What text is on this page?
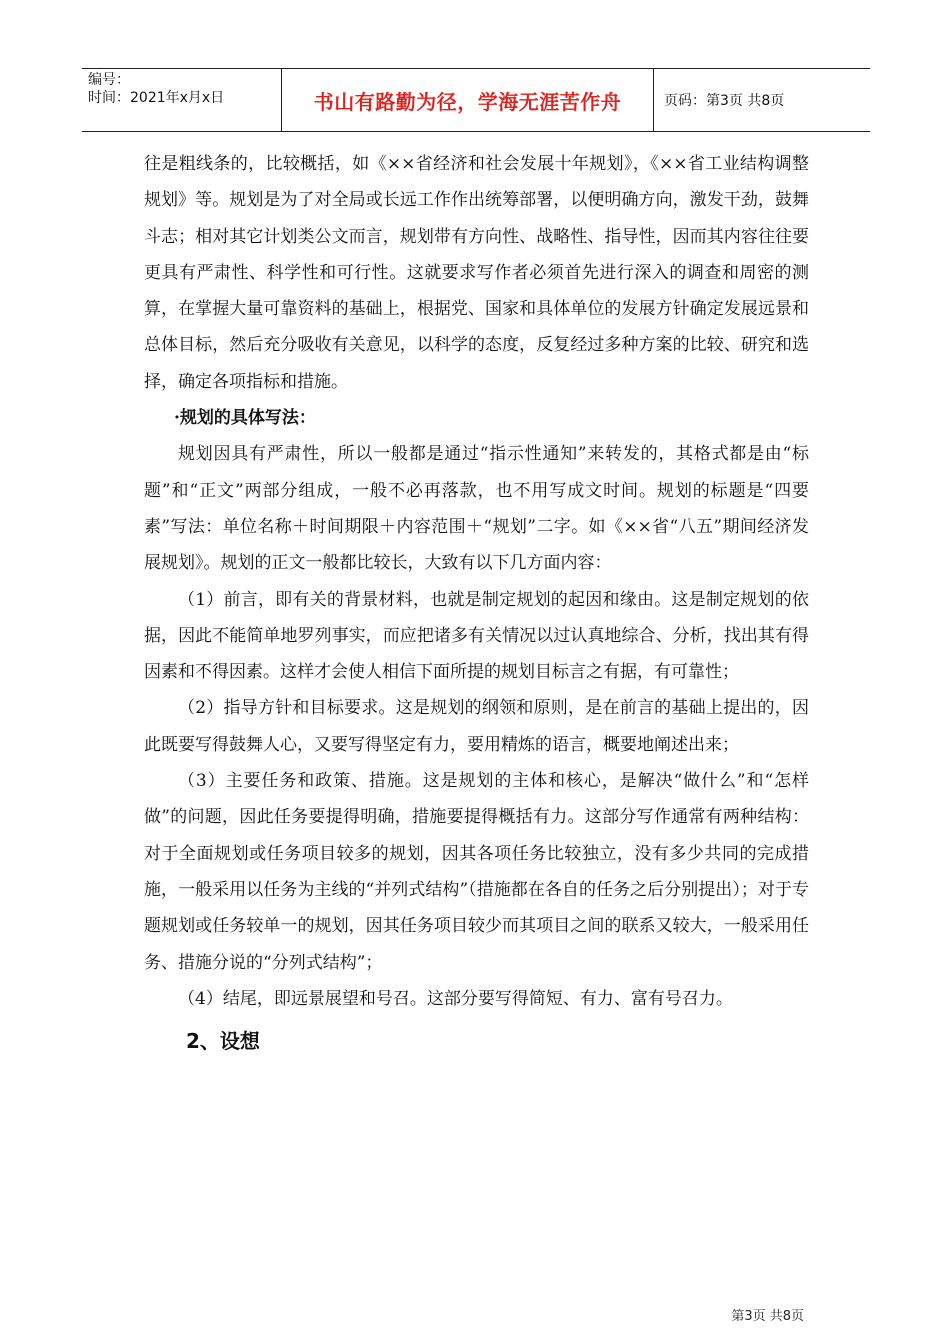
编号：
时间：2021年x月x日	书山有路勤为径，学海无涯苦作舟	页码：第3页 共8页

往是粗线条的，比较概括，如《××省经济和社会发展十年规划》，《××省工业结构调整规划》等。规划是为了对全局或长远工作作出统筹部署，以便明确方向，激发干劲，鼓舞斗志；相对其它计划类公文而言，规划带有方向性、战略性、指导性，因而其内容往往要更具有严肃性、科学性和可行性。这就要求写作者必须首先进行深入的调查和周密的测算，在掌握大量可靠资料的基础上，根据党、国家和具体单位的发展方针确定发展远景和总体目标，然后充分吸收有关意见，以科学的态度，反复经过多种方案的比较、研究和选择，确定各项指标和措施。

·规划的具体写法：

规划因具有严肃性，所以一般都是通过“指示性通知”来转发的，其格式都是由“标题”和“正文”两部分组成，一般不必再落款，也不用写成文时间。规划的标题是“四要素”写法：单位名称＋时间期限＋内容范围＋“规划”二字。如《××省“八五”期间经济发展规划》。规划的正文一般都比较长，大致有以下几方面内容：

（1）前言，即有关的背景材料，也就是制定规划的起因和缘由。这是制定规划的依据，因此不能简单地罗列事实，而应把诸多有关情况以过认真地综合、分析，找出其有得因素和不得因素。这样才会使人相信下面所提的规划目标言之有据，有可靠性；

（2）指导方针和目标要求。这是规划的纲领和原则，是在前言的基础上提出的，因此既要写得鼓舞人心，又要写得坚定有力，要用精炼的语言，概要地阐述出来；

（3）主要任务和政策、措施。这是规划的主体和核心，是解决“做什么”和“怎样做”的问题，因此任务要提得明确，措施要提得概括有力。这部分写作通常有两种结构：对于全面规划或任务项目较多的规划，因其各项任务比较独立，没有多少共同的完成措施，一般采用以任务为主线的“并列式结构”（措施都在各自的任务之后分别提出）；对于专题规划或任务较单一的规划，因其任务项目较少而其项目之间的联系又较大，一般采用任务、措施分说的“分列式结构”；

（4）结尾，即远景展望和号召。这部分要写得简短、有力、富有号召力。

2、设想

第3页 共8页
